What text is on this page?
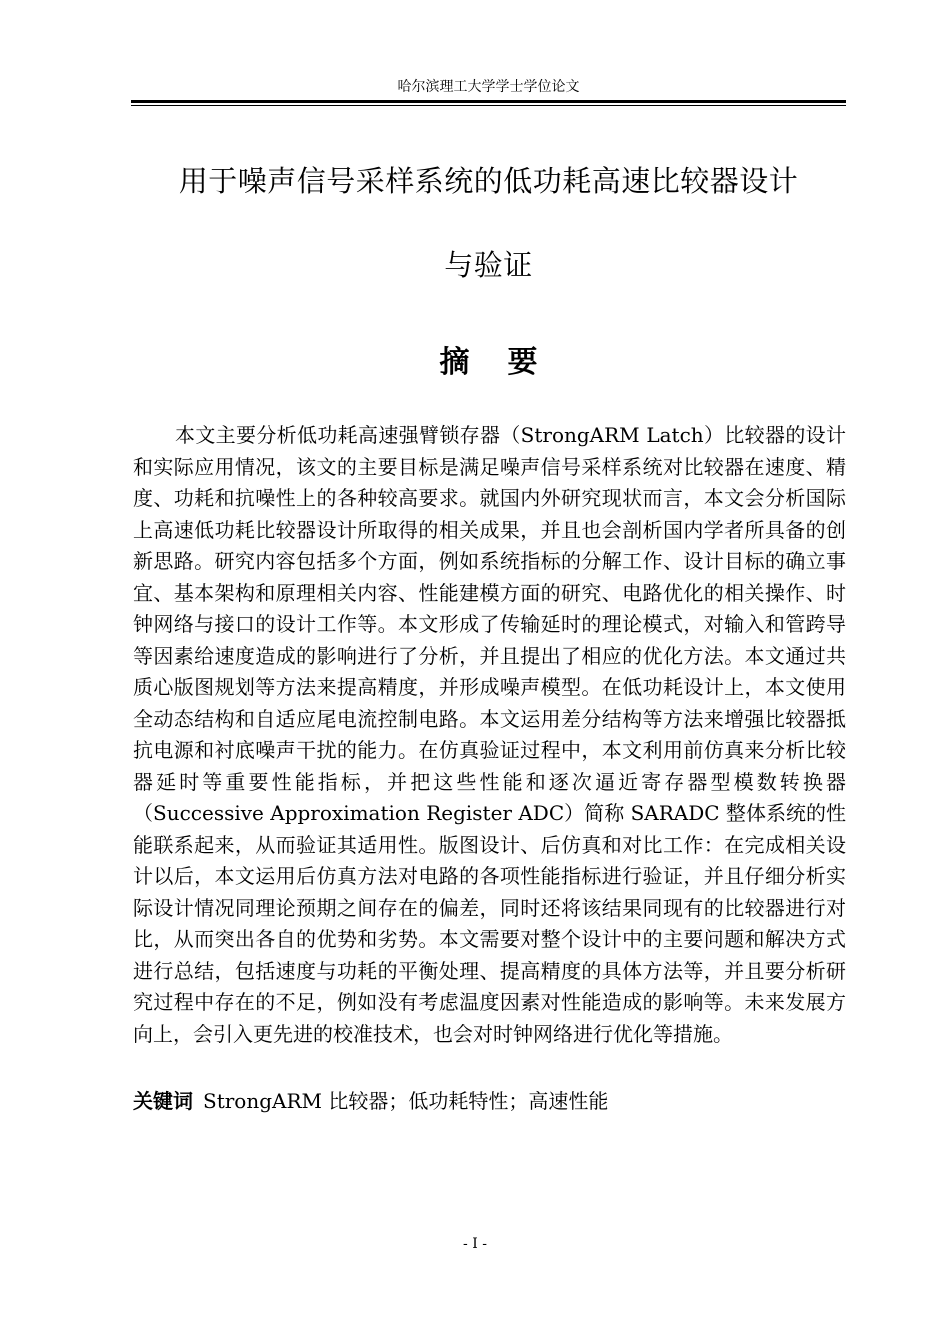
哈尔滨理工大学学士学位论文
用于噪声信号采样系统的低功耗高速比较器设计
与验证
摘要

本文主要分析低功耗高速强臂锁存器（StrongARM Latch）比较器的设计和实际应用情况，该文的主要目标是满足噪声信号采样系统对比较器在速度、精度、功耗和抗噪性上的各种较高要求。就国内外研究现状而言，本文会分析国际上高速低功耗比较器设计所取得的相关成果，并且也会剖析国内学者所具备的创新思路。研究内容包括多个方面，例如系统指标的分解工作、设计目标的确立事宜、基本架构和原理相关内容、性能建模方面的研究、电路优化的相关操作、时钟网络与接口的设计工作等。本文形成了传输延时的理论模式，对输入和管跨导等因素给速度造成的影响进行了分析，并且提出了相应的优化方法。本文通过共质心版图规划等方法来提高精度，并形成噪声模型。在低功耗设计上，本文使用全动态结构和自适应尾电流控制电路。本文运用差分结构等方法来增强比较器抵抗电源和衬底噪声干扰的能力。在仿真验证过程中，本文利用前仿真来分析比较器延时等重要性能指标，并把这些性能和逐次逼近寄存器型模数转换器（Successive Approximation Register ADC）简称 SARADC 整体系统的性能联系起来，从而验证其适用性。版图设计、后仿真和对比工作：在完成相关设计以后，本文运用后仿真方法对电路的各项性能指标进行验证，并且仔细分析实际设计情况同理论预期之间存在的偏差，同时还将该结果同现有的比较器进行对比，从而突出各自的优势和劣势。本文需要对整个设计中的主要问题和解决方式进行总结，包括速度与功耗的平衡处理、提高精度的具体方法等，并且要分析研究过程中存在的不足，例如没有考虑温度因素对性能造成的影响等。未来发展方向上，会引入更先进的校准技术，也会对时钟网络进行优化等措施。

关键词 StrongARM 比较器；低功耗特性；高速性能
- I -
